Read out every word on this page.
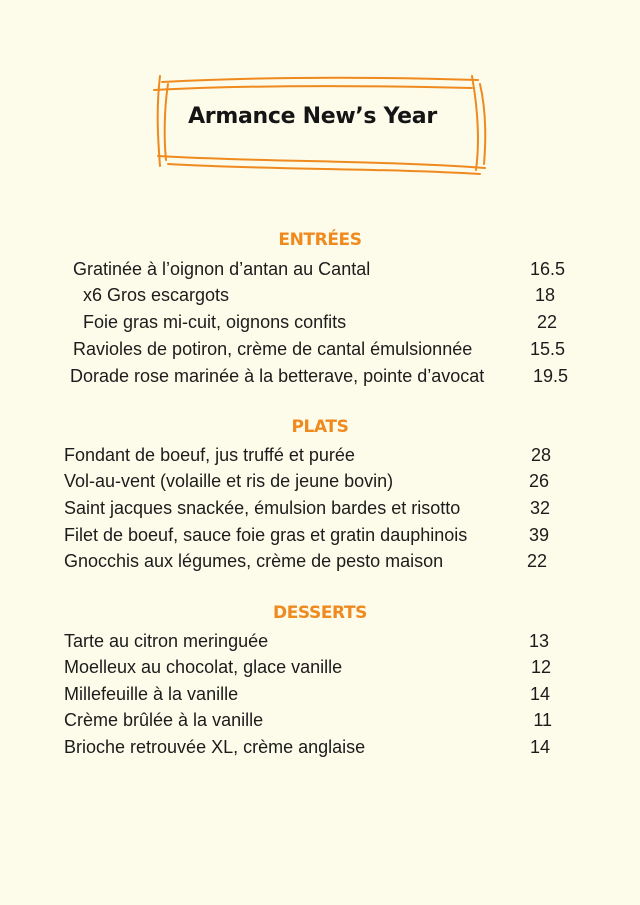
Armance New’s Year
ENTRÉES
Gratinée à l’oignon d’antan au Cantal	16.5
x6 Gros escargots	18
Foie gras mi-cuit, oignons confits	22
Ravioles de potiron, crème de cantal émulsionnée	15.5
Dorade rose marinée à la betterave, pointe d’avocat	19.5
PLATS
Fondant de boeuf, jus truffé et purée	28
Vol-au-vent (volaille et ris de jeune bovin)	26
Saint jacques snackée, émulsion bardes et risotto	32
Filet de boeuf, sauce foie gras et gratin dauphinois	39
Gnocchis aux légumes, crème de pesto maison	22
DESSERTS
Tarte au citron meringuée	13
Moelleux au chocolat, glace vanille	12
Millefeuille à la vanille	14
Crème brûlée à la vanille	11
Brioche retrouvée XL, crème anglaise	14
